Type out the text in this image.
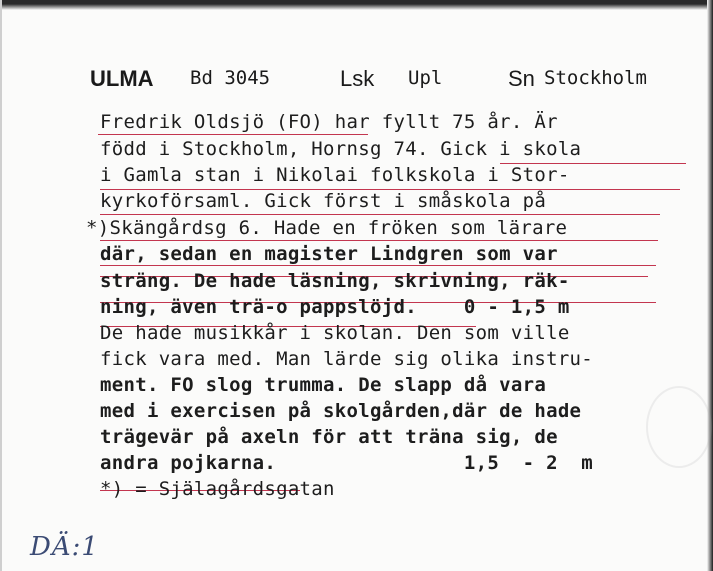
ULMA Bd 3045	Lsk Upl	Sn Stockholm
Fredrik Oldsjö (FO) har fyllt 75 år. Är
född i Stockholm, Hornsg 74. Gick i skola
i Gamla stan i Nikolai folkskola i Stor-
kyrkoförsaml. Gick först i småskola på
*)Skängårdsg 6. Hade en fröken som lärare
där, sedan en magister Lindgren som var
sträng. De hade läsning, skrivning, räk-
ning, även trä-o pappslöjd.    0 - 1,5 m
De hade musikkår i skolan. Den som ville
fick vara med. Man lärde sig olika instru-
ment. FO slog trumma. De slapp då vara
med i exercisen på skolgården,där de hade
trägevär på axeln för att träna sig, de
andra pojkarna.                1,5  - 2  m
*) = Själagårdsgatan
DÄ:1
